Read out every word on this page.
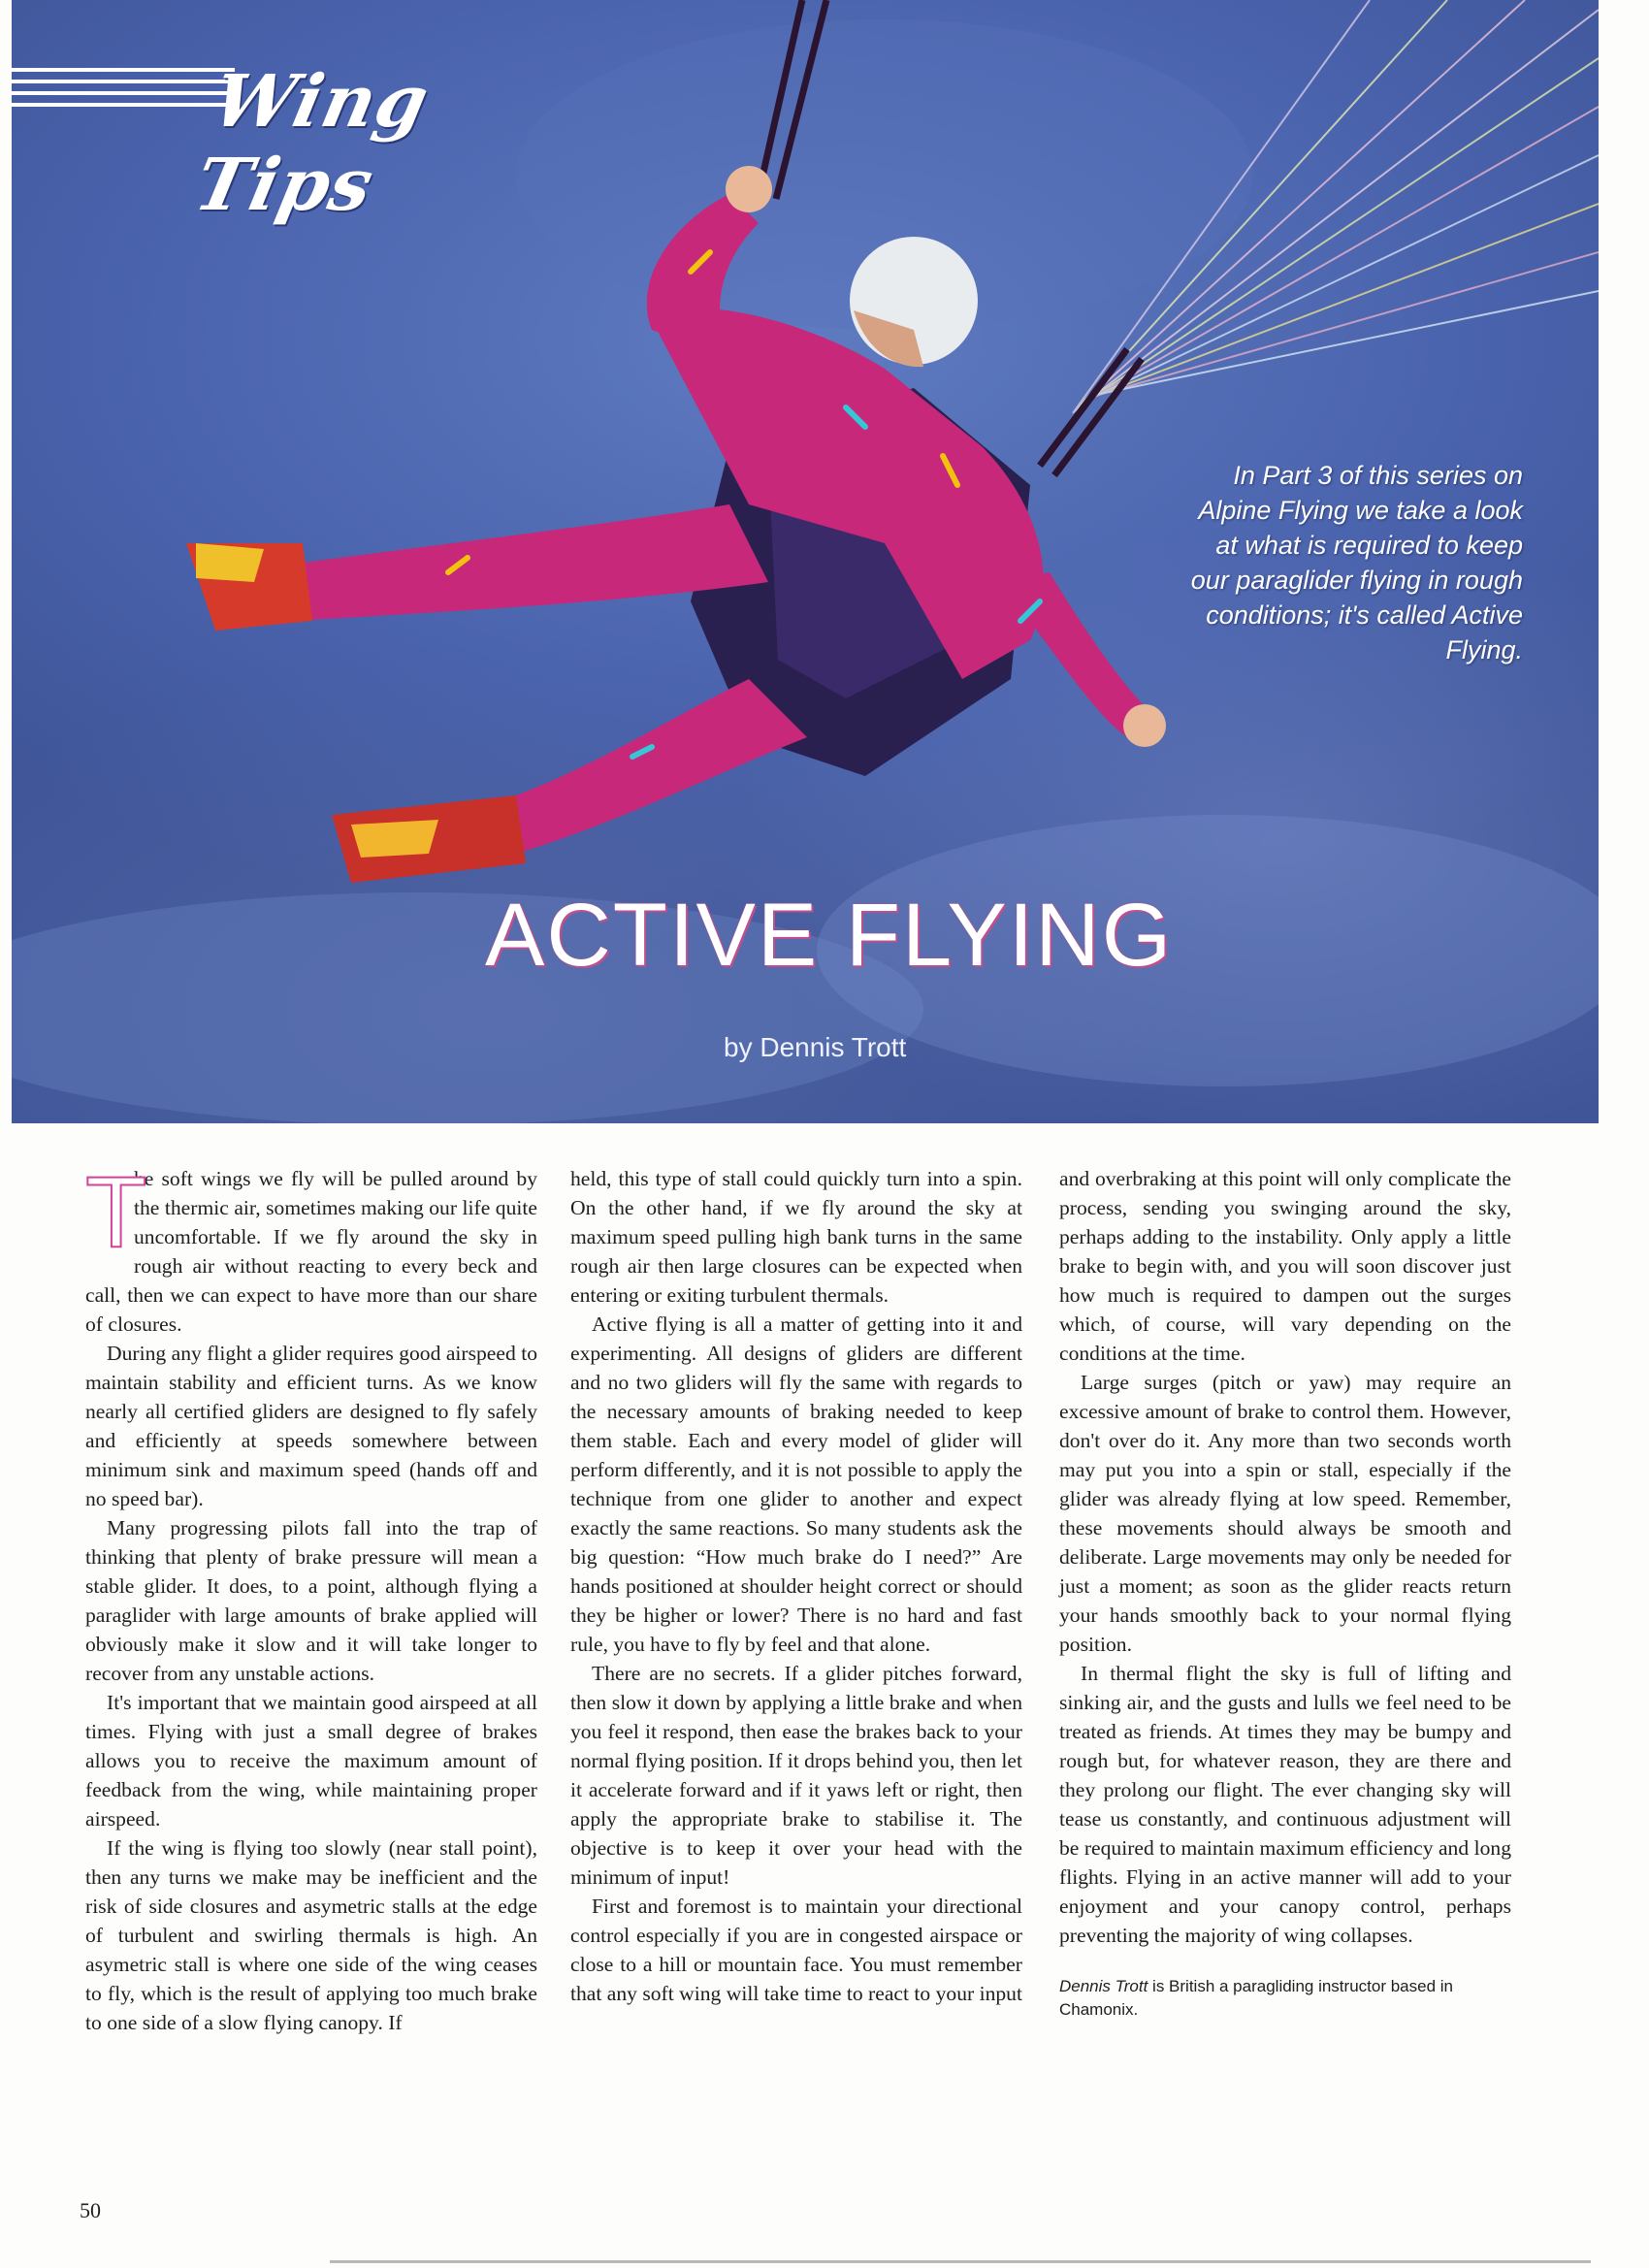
Wing Tips
In Part 3 of this series on Alpine Flying we take a look at what is required to keep our paraglider flying in rough conditions; it's called Active Flying.
ACTIVE FLYING
by Dennis Trott

T
he soft wings we fly will be pulled around by the thermic air, sometimes making our life quite uncomfortable. If we fly around the sky in rough air without reacting to every beck and call, then we can expect to have more than our share of closures.

During any flight a glider requires good airspeed to maintain stability and efficient turns. As we know nearly all certified gliders are designed to fly safely and efficiently at speeds somewhere between minimum sink and maximum speed (hands off and no speed bar).

Many progressing pilots fall into the trap of thinking that plenty of brake pressure will mean a stable glider. It does, to a point, although flying a paraglider with large amounts of brake applied will obviously make it slow and it will take longer to recover from any unstable actions.

It's important that we maintain good airspeed at all times. Flying with just a small degree of brakes allows you to receive the maximum amount of feedback from the wing, while maintaining proper airspeed.

If the wing is flying too slowly (near stall point), then any turns we make may be inefficient and the risk of side closures and asymetric stalls at the edge of turbulent and swirling thermals is high. An asymetric stall is where one side of the wing ceases to fly, which is the result of applying too much brake to one side of a slow flying canopy. If

held, this type of stall could quickly turn into a spin. On the other hand, if we fly around the sky at maximum speed pulling high bank turns in the same rough air then large closures can be expected when entering or exiting turbulent thermals.

Active flying is all a matter of getting into it and experimenting. All designs of gliders are different and no two gliders will fly the same with regards to the necessary amounts of braking needed to keep them stable. Each and every model of glider will perform differently, and it is not possible to apply the technique from one glider to another and expect exactly the same reactions. So many students ask the big question: “How much brake do I need?” Are hands positioned at shoulder height correct or should they be higher or lower? There is no hard and fast rule, you have to fly by feel and that alone.

There are no secrets. If a glider pitches forward, then slow it down by applying a little brake and when you feel it respond, then ease the brakes back to your normal flying position. If it drops behind you, then let it accelerate forward and if it yaws left or right, then apply the appropriate brake to stabilise it. The objective is to keep it over your head with the minimum of input!

First and foremost is to maintain your directional control especially if you are in congested airspace or close to a hill or mountain face. You must remember that any soft wing will take time to react to your input

and overbraking at this point will only complicate the process, sending you swinging around the sky, perhaps adding to the instability. Only apply a little brake to begin with, and you will soon discover just how much is required to dampen out the surges which, of course, will vary depending on the conditions at the time.

Large surges (pitch or yaw) may require an excessive amount of brake to control them. However, don't over do it. Any more than two seconds worth may put you into a spin or stall, especially if the glider was already flying at low speed. Remember, these movements should always be smooth and deliberate. Large movements may only be needed for just a moment; as soon as the glider reacts return your hands smoothly back to your normal flying position.

In thermal flight the sky is full of lifting and sinking air, and the gusts and lulls we feel need to be treated as friends. At times they may be bumpy and rough but, for whatever reason, they are there and they prolong our flight. The ever changing sky will tease us constantly, and continuous adjustment will be required to maintain maximum efficiency and long flights. Flying in an active manner will add to your enjoyment and your canopy control, perhaps preventing the majority of wing collapses.

Dennis Trott is British a paragliding instructor based in Chamonix.
50
